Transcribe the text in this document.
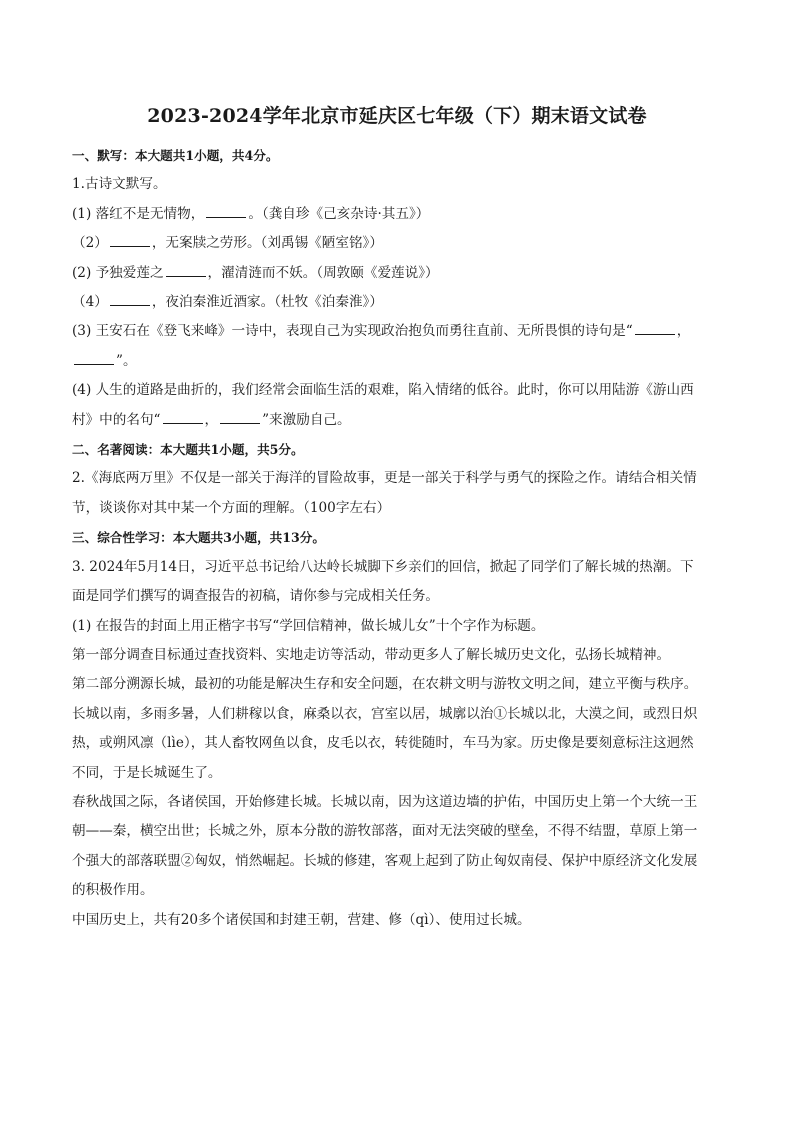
2023-2024学年北京市延庆区七年级（下）期末语文试卷

一、默写：本大题共1小题，共4分。

1.古诗文默写。

(1) 落红不是无情物，	。（龚自珍《己亥杂诗·其五》）

（2）	，无案牍之劳形。（刘禹锡《陋室铭》）

(2) 予独爱莲之	，濯清涟而不妖。（周敦颐《爱莲说》）

（4）	，夜泊秦淮近酒家。（杜牧《泊秦淮》）

(3) 王安石在《登飞来峰》一诗中，表现自己为实现政治抱负而勇往直前、无所畏惧的诗句是“	，

”。

(4) 人生的道路是曲折的，我们经常会面临生活的艰难，陷入情绪的低谷。此时，你可以用陆游《游山西

村》中的名句“	，	”来激励自己。

二、名著阅读：本大题共1小题，共5分。

2.《海底两万里》不仅是一部关于海洋的冒险故事，更是一部关于科学与勇气的探险之作。请结合相关情

节，谈谈你对其中某一个方面的理解。（100字左右）

三、综合性学习：本大题共3小题，共13分。

3. 2024年5月14日，习近平总书记给八达岭长城脚下乡亲们的回信，掀起了同学们了解长城的热潮。下

面是同学们撰写的调查报告的初稿，请你参与完成相关任务。

(1) 在报告的封面上用正楷字书写“学回信精神，做长城儿女”十个字作为标题。

第一部分调查目标通过查找资料、实地走访等活动，带动更多人了解长城历史文化，弘扬长城精神。

第二部分溯源长城，最初的功能是解决生存和安全问题，在农耕文明与游牧文明之间，建立平衡与秩序。

长城以南，多雨多暑，人们耕稼以食，麻桑以衣，宫室以居，城廓以治①长城以北，大漠之间，或烈日炽

热，或朔风凛（lìe），其人畜牧网鱼以食，皮毛以衣，转徙随时，车马为家。历史像是要刻意标注这迥然

不同，于是长城诞生了。

春秋战国之际，各诸侯国，开始修建长城。长城以南，因为这道边墙的护佑，中国历史上第一个大统一王

朝——秦，横空出世；长城之外，原本分散的游牧部落，面对无法突破的壁垒，不得不结盟，草原上第一

个强大的部落联盟②匈奴，悄然崛起。长城的修建，客观上起到了防止匈奴南侵、保护中原经济文化发展

的积极作用。

中国历史上，共有20多个诸侯国和封建王朝，营建、修（qì）、使用过长城。
